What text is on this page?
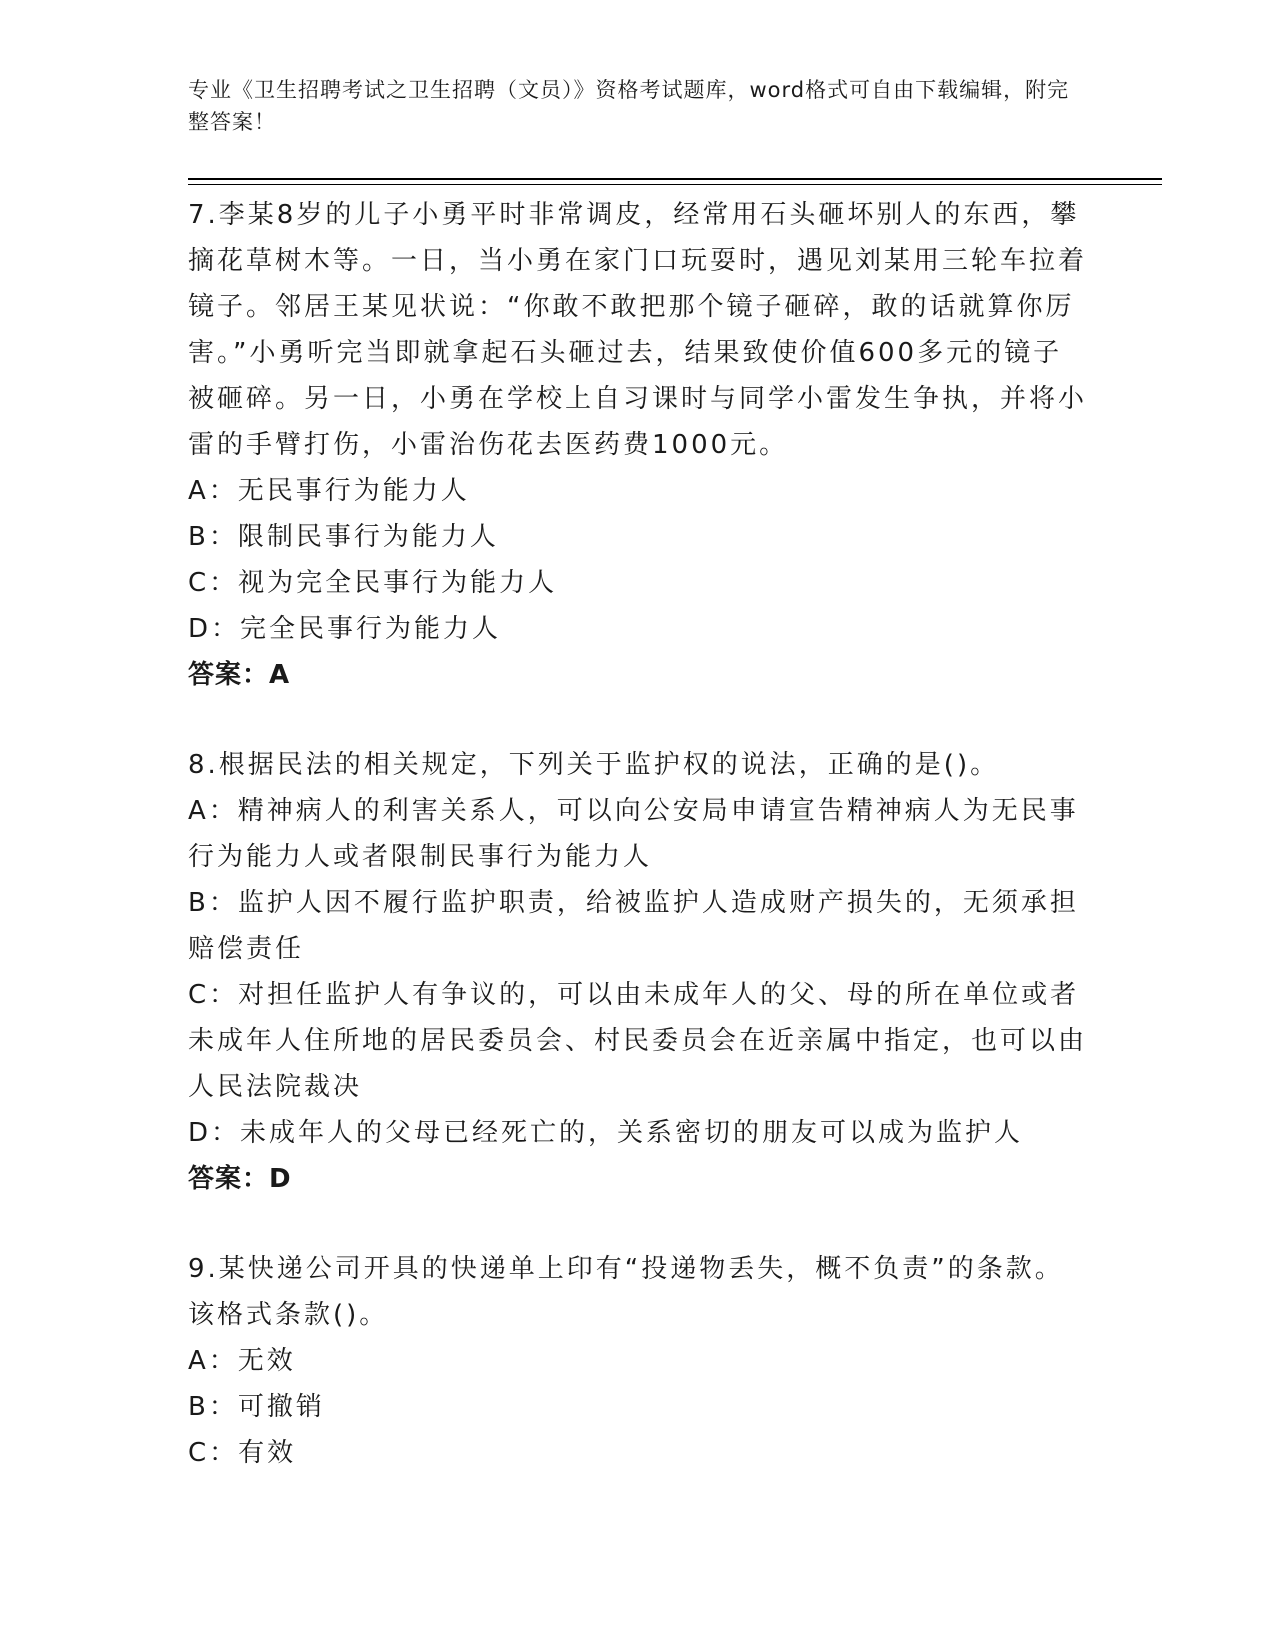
专业《卫生招聘考试之卫生招聘（文员）》资格考试题库，word格式可自由下载编辑，附完整答案！

7.李某8岁的儿子小勇平时非常调皮，经常用石头砸坏别人的东西，攀摘花草树木等。一日，当小勇在家门口玩耍时，遇见刘某用三轮车拉着镜子。邻居王某见状说：“你敢不敢把那个镜子砸碎，敢的话就算你厉害。”小勇听完当即就拿起石头砸过去，结果致使价值600多元的镜子被砸碎。另一日，小勇在学校上自习课时与同学小雷发生争执，并将小雷的手臂打伤，小雷治伤花去医药费1000元。

A：无民事行为能力人

B：限制民事行为能力人

C：视为完全民事行为能力人

D：完全民事行为能力人

答案：A

8.根据民法的相关规定，下列关于监护权的说法，正确的是()。

A：精神病人的利害关系人，可以向公安局申请宣告精神病人为无民事行为能力人或者限制民事行为能力人

B：监护人因不履行监护职责，给被监护人造成财产损失的，无须承担赔偿责任

C：对担任监护人有争议的，可以由未成年人的父、母的所在单位或者未成年人住所地的居民委员会、村民委员会在近亲属中指定，也可以由人民法院裁决

D：未成年人的父母已经死亡的，关系密切的朋友可以成为监护人

答案：D

9.某快递公司开具的快递单上印有“投递物丢失，概不负责”的条款。该格式条款()。

A：无效

B：可撤销

C：有效
